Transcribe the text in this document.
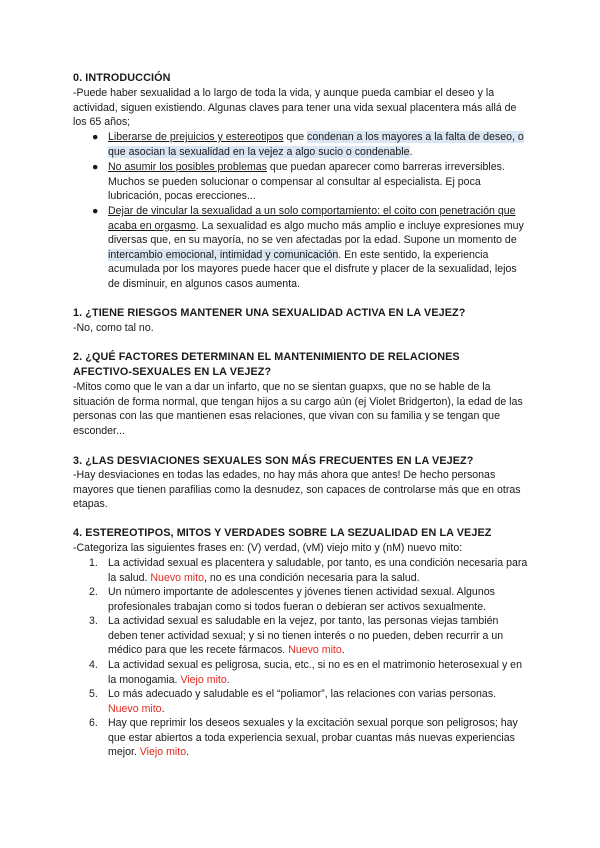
0. INTRODUCCIÓN

-Puede haber sexualidad a lo largo de toda la vida, y aunque pueda cambiar el deseo y la actividad, siguen existiendo. Algunas claves para tener una vida sexual placentera más allá de los 65 años;

● Liberarse de prejuicios y estereotipos que condenan a los mayores a la falta de deseo, o que asocian la sexualidad en la vejez a algo sucio o condenable.

● No asumir los posibles problemas que puedan aparecer como barreras irreversibles. Muchos se pueden solucionar o compensar al consultar al especialista. Ej poca lubricación, pocas erecciones...

● Dejar de vincular la sexualidad a un solo comportamiento: el coito con penetración que acaba en orgasmo. La sexualidad es algo mucho más amplio e incluye expresiones muy diversas que, en su mayoría, no se ven afectadas por la edad. Supone un momento de intercambio emocional, intimidad y comunicación. En este sentido, la experiencia acumulada por los mayores puede hacer que el disfrute y placer de la sexualidad, lejos de disminuir, en algunos casos aumenta.

1. ¿TIENE RIESGOS MANTENER UNA SEXUALIDAD ACTIVA EN LA VEJEZ?

-No, como tal no.

2. ¿QUÉ FACTORES DETERMINAN EL MANTENIMIENTO DE RELACIONES AFECTIVO-SEXUALES EN LA VEJEZ?

-Mitos como que le van a dar un infarto, que no se sientan guapxs, que no se hable de la situación de forma normal, que tengan hijos a su cargo aún (ej Violet Bridgerton), la edad de las personas con las que mantienen esas relaciones, que vivan con su familia y se tengan que esconder...

3. ¿LAS DESVIACIONES SEXUALES SON MÁS FRECUENTES EN LA VEJEZ?

-Hay desviaciones en todas las edades, no hay más ahora que antes! De hecho personas mayores que tienen parafilias como la desnudez, son capaces de controlarse más que en otras etapas.

4. ESTEREOTIPOS, MITOS Y VERDADES SOBRE LA SEZUALIDAD EN LA VEJEZ

-Categoriza las siguientes frases en: (V) verdad, (vM) viejo mito y (nM) nuevo mito:

1. La actividad sexual es placentera y saludable, por tanto, es una condición necesaria para la salud. Nuevo mito, no es una condición necesaria para la salud.

2. Un número importante de adolescentes y jóvenes tienen actividad sexual. Algunos profesionales trabajan como si todos fueran o debieran ser activos sexualmente.

3. La actividad sexual es saludable en la vejez, por tanto, las personas viejas también deben tener actividad sexual; y si no tienen interés o no pueden, deben recurrir a un médico para que les recete fármacos. Nuevo mito.

4. La actividad sexual es peligrosa, sucia, etc., si no es en el matrimonio heterosexual y en la monogamia. Viejo mito.

5. Lo más adecuado y saludable es el “poliamor”, las relaciones con varias personas. Nuevo mito.

6. Hay que reprimir los deseos sexuales y la excitación sexual porque son peligrosos; hay que estar abiertos a toda experiencia sexual, probar cuantas más nuevas experiencias mejor. Viejo mito.
